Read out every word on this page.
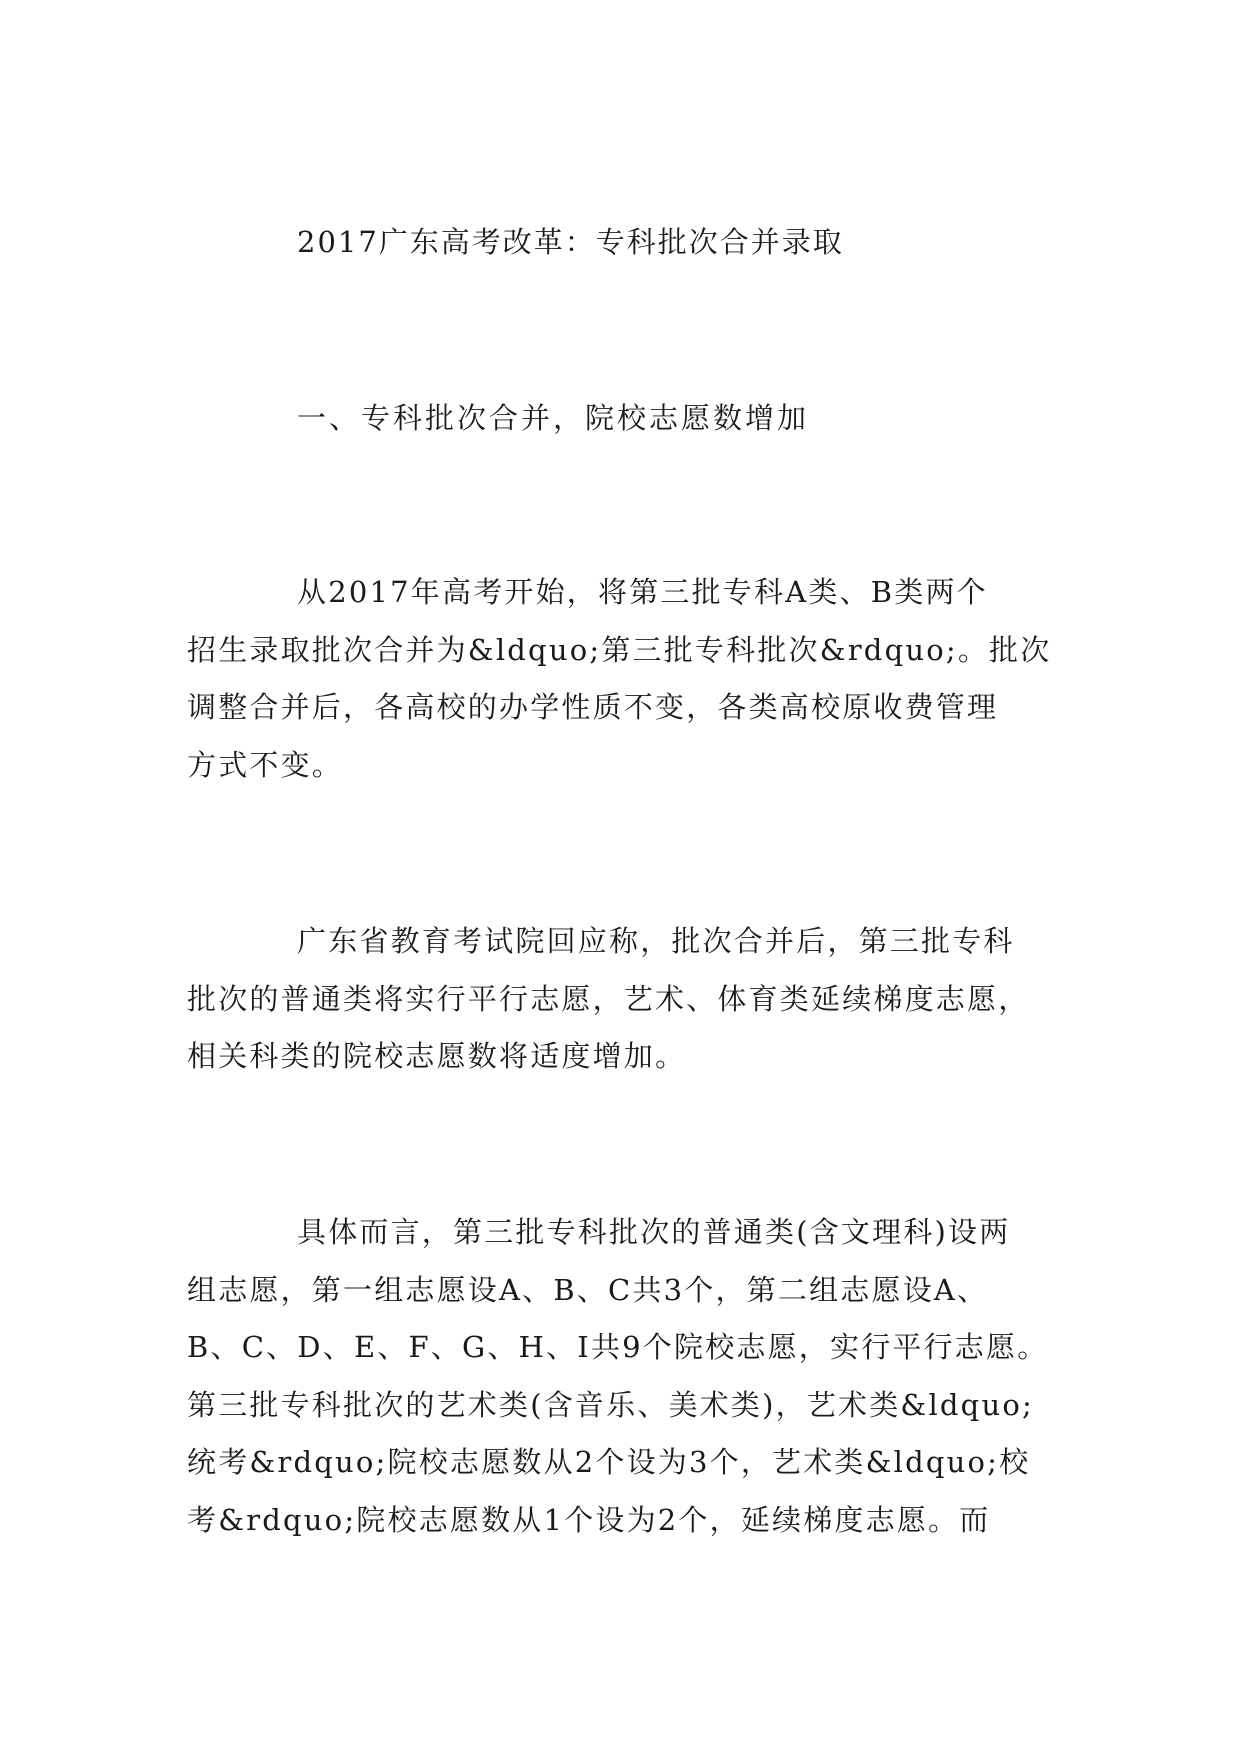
2017广东高考改革：专科批次合并录取
一、专科批次合并，院校志愿数增加

从2017年高考开始，将第三批专科A类、B类两个
招生录取批次合并为&ldquo;第三批专科批次&rdquo;。批次
调整合并后，各高校的办学性质不变，各类高校原收费管理
方式不变。

广东省教育考试院回应称，批次合并后，第三批专科
批次的普通类将实行平行志愿，艺术、体育类延续梯度志愿，
相关科类的院校志愿数将适度增加。

具体而言，第三批专科批次的普通类(含文理科)设两
组志愿，第一组志愿设A、B、C共3个，第二组志愿设A、
B、C、D、E、F、G、H、I共9个院校志愿，实行平行志愿。
第三批专科批次的艺术类(含音乐、美术类)，艺术类&ldquo;
统考&rdquo;院校志愿数从2个设为3个，艺术类&ldquo;校
考&rdquo;院校志愿数从1个设为2个，延续梯度志愿。而
